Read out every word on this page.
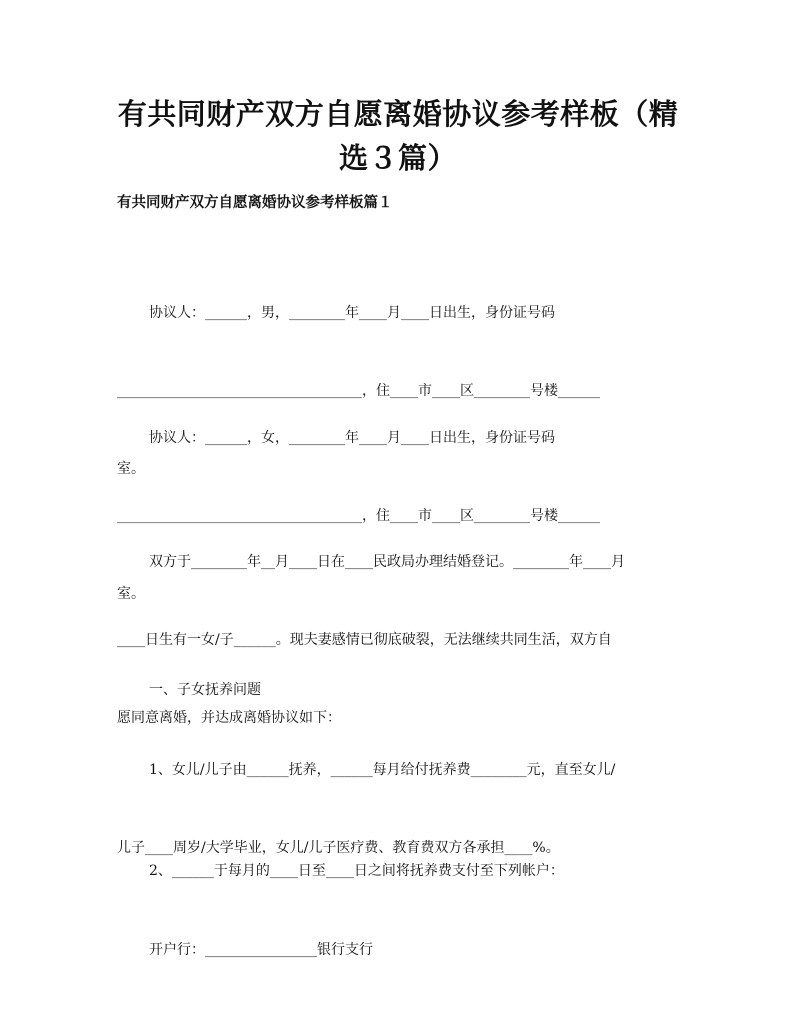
有共同财产双方自愿离婚协议参考样板（精
选３篇）
有共同财产双方自愿离婚协议参考样板篇１

协议人：______，男，________年____月____日出生，身份证号码

___________________________________，住____市____区________号楼______

室。

协议人：______，女，________年____月____日出生，身份证号码

___________________________________，住____市____区________号楼______

室。

双方于________年__月____日在____民政局办理结婚登记。________年____月

____日生有一女/子______。现夫妻感情已彻底破裂，无法继续共同生活，双方自

愿同意离婚，并达成离婚协议如下：

一、子女抚养问题

1、女儿/儿子由______抚养，______每月给付抚养费________元，直至女儿/

儿子____周岁/大学毕业，女儿/儿子医疗费、教育费双方各承担____%。

2、______于每月的____日至____日之间将抚养费支付至下列帐户：

开户行：________________银行支行
